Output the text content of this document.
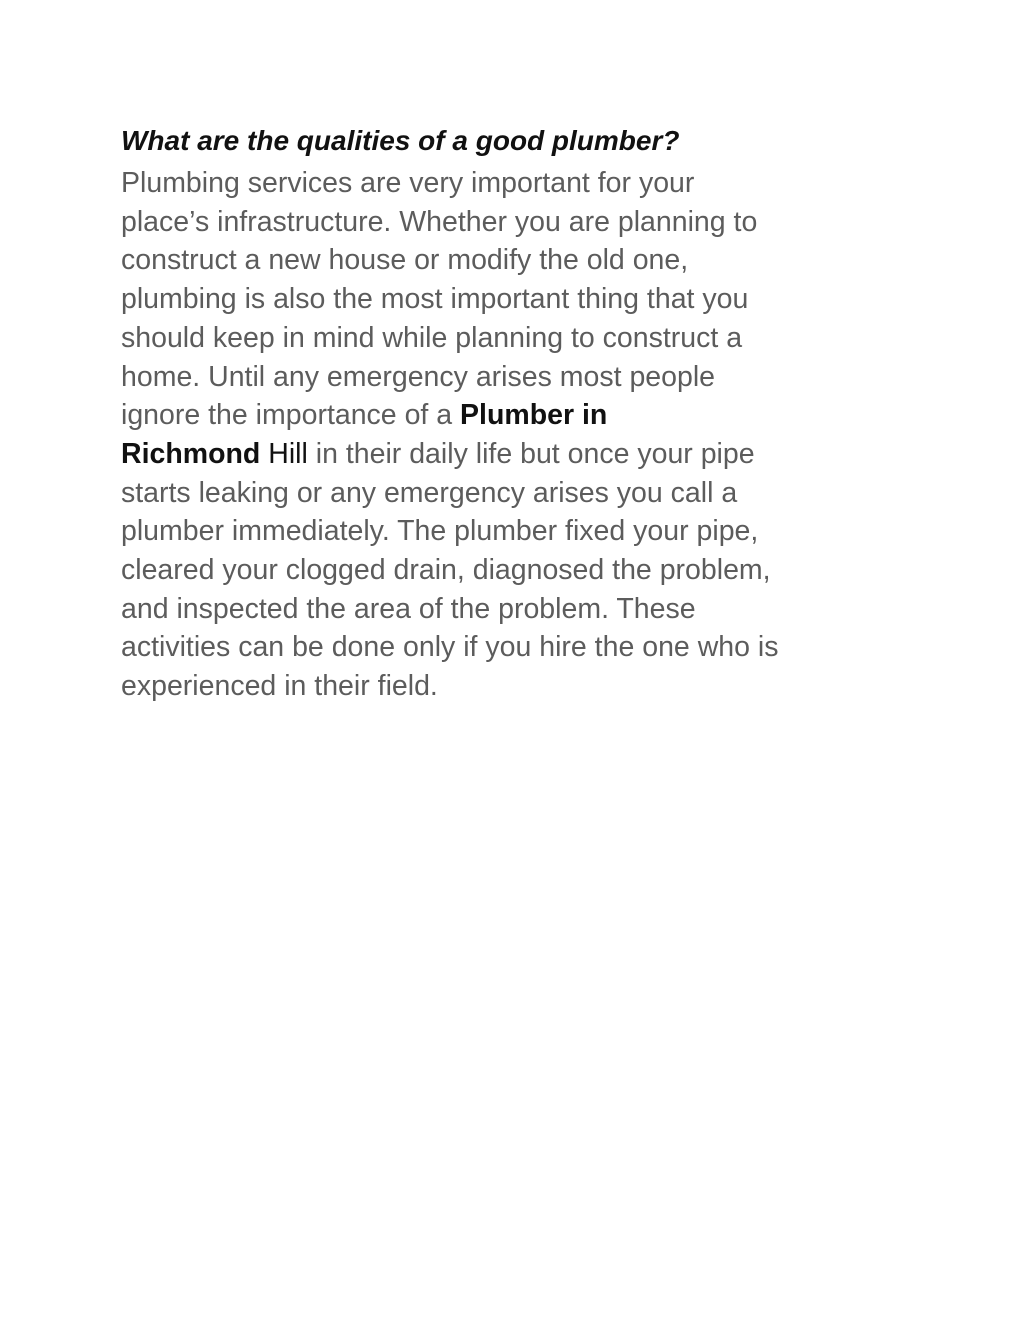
What are the qualities of a good plumber?

Plumbing services are very important for your
place’s infrastructure. Whether you are planning to
construct a new house or modify the old one,
plumbing is also the most important thing that you
should keep in mind while planning to construct a
home. Until any emergency arises most people
ignore the importance of a Plumber in
Richmond Hill in their daily life but once your pipe
starts leaking or any emergency arises you call a
plumber immediately. The plumber fixed your pipe,
cleared your clogged drain, diagnosed the problem,
and inspected the area of the problem. These
activities can be done only if you hire the one who is
experienced in their field.
